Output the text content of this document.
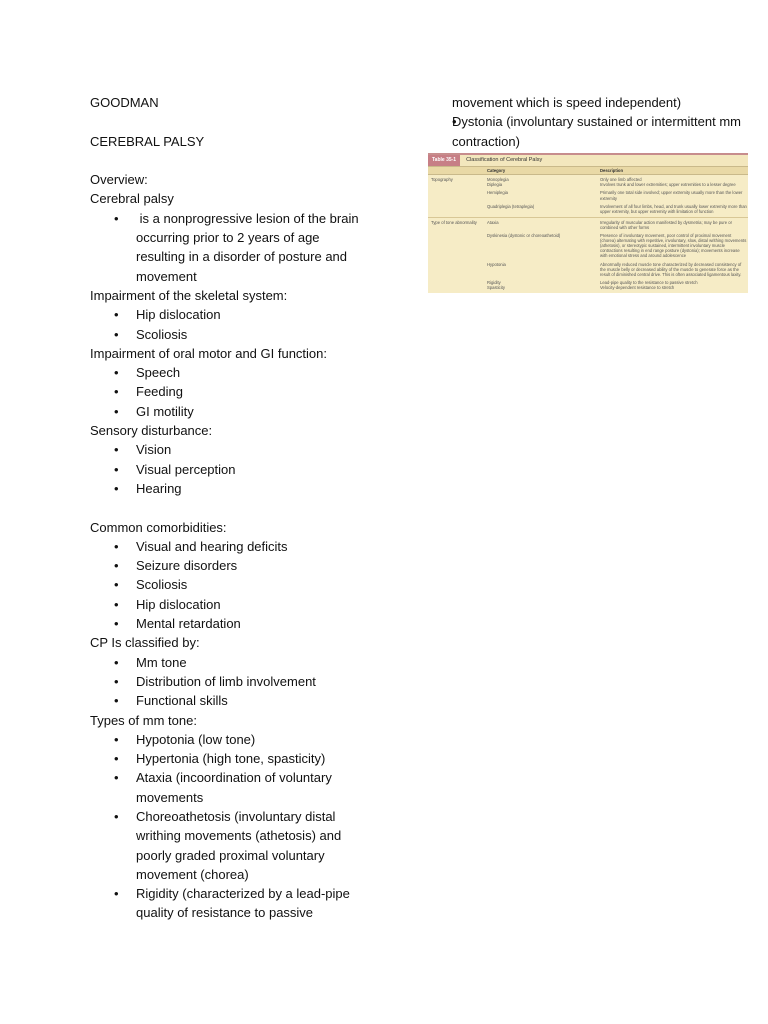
GOODMAN

CEREBRAL PALSY

Overview:

Cerebral palsy

• is a nonprogressive lesion of the brain occurring prior to 2 years of age resulting in a disorder of posture and movement

Impairment of the skeletal system:

• Hip dislocation
• Scoliosis

Impairment of oral motor and GI function:

• Speech
• Feeding
• GI motility

Sensory disturbance:

• Vision
• Visual perception
• Hearing

Common comorbidities:

• Visual and hearing deficits
• Seizure disorders
• Scoliosis
• Hip dislocation
• Mental retardation

CP Is classified by:

• Mm tone
• Distribution of limb involvement
• Functional skills

Types of mm tone:

• Hypotonia (low tone)
• Hypertonia (high tone, spasticity)
• Ataxia (incoordination of voluntary movements
• Choreoathetosis (involuntary distal writhing movements (athetosis) and poorly graded proximal voluntary movement (chorea)
• Rigidity (characterized by a lead-pipe quality of resistance to passive

movement which is speed independent)

• Dystonia (involuntary sustained or intermittent mm contraction)
Table 35-1	Classification of Cerebral Palsy
Category	Description
Topography	Monoplegia	Only one limb affected
Diplegia	Involves trunk and lower extremities; upper extremities to a lesser degree
Hemiplegia	Primarily one total side involved; upper extremity usually more than the lower extremity
Quadriplegia (tetraplegia)	Involvement of all four limbs, head, and trunk usually lower extremity more than upper extremity, but upper extremity with limitation of function
Type of tone abnormality	Ataxia	Irregularity of muscular action manifested by dysmetria; may be pure or combined with other forms
Dyskinesia (dystonic or choreoathetoid)	Presence of involuntary movement, poor control of proximal movement (chorea) alternating with repetitive, involuntary, slow, distal writhing movements (athetosis), or stereotypic sustained, intermittent involuntary muscle contractions resulting in end range posture (dystonia); movements increase with emotional stress and around adolescence
Hypotonia	Abnormally reduced muscle tone characterized by decreased consistency of the muscle belly or decreased ability of the muscle to generate force as the result of diminished central drive. This is often associated ligamentous laxity.
Rigidity	Lead-pipe quality to the resistance to passive stretch
Spasticity	Velocity-dependent resistance to stretch
